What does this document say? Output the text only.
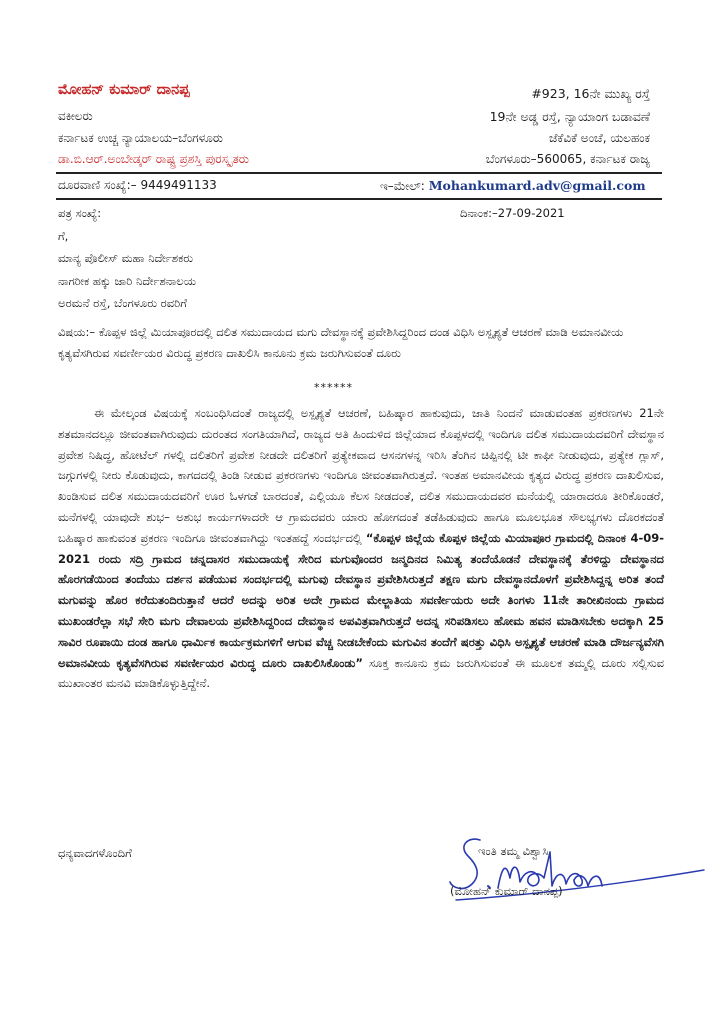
ಮೋಹನ್ ಕುಮಾರ್ ದಾನಪ್ಪ

ವಕೀಲರು

ಕರ್ನಾಟಕ ಉಚ್ಚ ನ್ಯಾಯಾಲಯ–ಬೆಂಗಳೂರು

ಡಾ.ಬಿ.ಆರ್.ಅಂಬೇಡ್ಕರ್ ರಾಷ್ಟ್ರ ಪ್ರಶಸ್ತಿ ಪುರಸ್ಕೃತರು

#923, 16ನೇ ಮುಖ್ಯ ರಸ್ತೆ

19ನೇ ಅಡ್ಡ ರಸ್ತೆ, ನ್ಯಾಯಾಂಗ ಬಡಾವಣೆ

ಜೆಕೆವಿಕೆ ಅಂಚೆ, ಯಲಹಂಕ

ಬೆಂಗಳೂರು–560065, ಕರ್ನಾಟಕ ರಾಜ್ಯ

ದೂರವಾಣಿ ಸಂಖ್ಯೆ:– 9449491133	ಇ–ಮೇಲ್: Mohankumard.adv@gmail.com

ಪತ್ರ ಸಂಖ್ಯೆ:	ದಿನಾಂಕ:–27-09-2021

ಗೆ,

ಮಾನ್ಯ ಪೊಲೀಸ್ ಮಹಾ ನಿರ್ದೇಶಕರು

ನಾಗರೀಕ ಹಕ್ಕು ಜಾರಿ ನಿರ್ದೇಶನಾಲಯ

ಅರಮನೆ ರಸ್ತೆ, ಬೆಂಗಳೂರು ರವರಿಗೆ

ವಿಷಯ:– ಕೊಪ್ಪಳ ಜಿಲ್ಲೆ ಮಿಯಾಪೂರದಲ್ಲಿ ದಲಿತ ಸಮುದಾಯದ ಮಗು ದೇವಸ್ಥಾನಕ್ಕೆ ಪ್ರವೇಶಿಸಿದ್ದರಿಂದ ದಂಡ ವಿಧಿಸಿ ಅಸ್ಪೃಶ್ಯತೆ ಆಚರಣೆ ಮಾಡಿ ಅಮಾನವೀಯ ಕೃತ್ಯವೆಸಗಿರುವ ಸವರ್ಣೀಯರ ವಿರುದ್ಧ ಪ್ರಕರಣ ದಾಖಲಿಸಿ ಕಾನೂನು ಕ್ರಮ ಜರುಗಿಸುವಂತೆ ದೂರು

******

ಈ ಮೇಲ್ಕಂಡ ವಿಷಯಕ್ಕೆ ಸಂಬಂಧಿಸಿದಂತೆ ರಾಜ್ಯದಲ್ಲಿ ಅಸ್ಪೃಶ್ಯತೆ ಆಚರಣೆ, ಬಹಿಷ್ಕಾರ ಹಾಕುವುದು, ಜಾತಿ ನಿಂದನೆ ಮಾಡುವಂತಹ ಪ್ರಕರಣಗಳು 21ನೇ ಶತಮಾನದಲ್ಲೂ ಜೀವಂತವಾಗಿರುವುದು ದುರಂತದ ಸಂಗತಿಯಾಗಿದೆ, ರಾಜ್ಯದ ಅತಿ ಹಿಂದುಳಿದ ಜಿಲ್ಲೆಯಾದ ಕೊಪ್ಪಳದಲ್ಲಿ ಇಂದಿಗೂ ದಲಿತ ಸಮುದಾಯದವರಿಗೆ ದೇವಸ್ಥಾನ ಪ್ರವೇಶ ನಿಷಿದ್ಧ, ಹೋಟೆಲ್ ಗಳಲ್ಲಿ ದಲಿತರಿಗೆ ಪ್ರವೇಶ ನೀಡದೇ ದಲಿತರಿಗೆ ಪ್ರತ್ಯೇಕವಾದ ಆಸನಗಳನ್ನ ಇರಿಸಿ ತೆಂಗಿನ ಚಿಪ್ಪಿನಲ್ಲಿ ಟೀ ಕಾಫೀ ನೀಡುವುದು, ಪ್ರತ್ಯೇಕ ಗ್ಲಾಸ್, ಜಗ್ಗುಗಳಲ್ಲಿ ನೀರು ಕೊಡುವುದು, ಕಾಗದದಲ್ಲಿ ತಿಂಡಿ ನೀಡುವ ಪ್ರಕರಣಗಳು ಇಂದಿಗೂ ಜೀವಂತವಾಗಿರುತ್ತದೆ. ಇಂತಹ ಅಮಾನವೀಯ ಕೃತ್ಯದ ವಿರುದ್ಧ ಪ್ರಕರಣ ದಾಖಲಿಸುವ, ಖಂಡಿಸುವ ದಲಿತ ಸಮುದಾಯದವರಿಗೆ ಊರ ಓಳಗಡೆ ಬಾರದಂತೆ, ಎಲ್ಲಿಯೂ ಕೆಲಸ ನೀಡದಂತೆ, ದಲಿತ ಸಮುದಾಯದವರ ಮನೆಯಲ್ಲಿ ಯಾರಾದರೂ ತೀರಿಕೊಂಡರೆ, ಮನೆಗಳಲ್ಲಿ ಯಾವುದೇ ಶುಭ– ಅಶುಭ ಕಾರ್ಯಗಳಾದರೇ ಆ ಗ್ರಾಮದವರು ಯಾರು ಹೋಗದಂತೆ ತಡೆಹಿಡುವುದು ಹಾಗೂ ಮೂಲಭೂತ ಸೌಲಭ್ಯಗಳು ದೊರಕದಂತೆ ಬಹಿಷ್ಕಾರ ಹಾಕುವಂತ ಪ್ರಕರಣ ಇಂದಿಗೂ ಜೀವಂತವಾಗಿದ್ದು ಇಂತಹದ್ದೆ ಸಂದರ್ಭದಲ್ಲಿ “ಕೊಪ್ಪಳ ಜಿಲ್ಲೆಯ ಕೊಪ್ಪಳ ಜಿಲ್ಲೆಯ ಮಿಯಾಪೂರ ಗ್ರಾಮದಲ್ಲಿ ದಿನಾಂಕ 4-09-2021 ರಂದು ಸದ್ರಿ ಗ್ರಾಮದ ಚನ್ನದಾಸರ ಸಮುದಾಯಕ್ಕೆ ಸೇರಿದ ಮಗುವೊಂದರ ಜನ್ಮದಿನದ ನಿಮಿತ್ಯ ತಂದೆಯೊಡನೆ ದೇವಸ್ಥಾನಕ್ಕೆ ತೆರಳಿದ್ದು ದೇವಸ್ಥಾನದ ಹೊರಗಡೆಯಿಂದ ತಂದೆಯು ದರ್ಶನ ಪಡೆಯುವ ಸಂದರ್ಭದಲ್ಲಿ ಮಗುವು ದೇವಸ್ಥಾನ ಪ್ರವೇಶಿಸಿರುತ್ತದೆ ತಕ್ಷಣ ಮಗು ದೇವಸ್ಥಾನದೊಳಗೆ ಪ್ರವೇಶಿಸಿದ್ದನ್ನ ಅರಿತ ತಂದೆ ಮಗುವನ್ನು ಹೊರ ಕರೆದುತಂದಿರುತ್ತಾನೆ ಆದರೆ ಅದನ್ನು ಅರಿತ ಅದೇ ಗ್ರಾಮದ ಮೇಲ್ಜಾತಿಯ ಸವರ್ಣೀಯರು ಅದೇ ತಿಂಗಳು 11ನೇ ತಾರೀಖಿನಂದು ಗ್ರಾಮದ ಮುಖಂಡರೆಲ್ಲಾ ಸಭೆ ಸೇರಿ ಮಗು ದೇವಾಲಯ ಪ್ರವೇಶಿಸಿದ್ದರಿಂದ ದೇವಸ್ಥಾನ ಅಪವಿತ್ರವಾಗಿರುತ್ತದೆ ಅದನ್ನ ಸರಿಪಡಿಸಲು ಹೋಮ ಹವನ ಮಾಡಿಸಬೇಕು ಅದಕ್ಕಾಗಿ 25 ಸಾವಿರ ರೂಪಾಯಿ ದಂಡ ಹಾಗೂ ಧಾರ್ಮಿಕ ಕಾರ್ಯಕ್ರಮಗಳಿಗೆ ಆಗುವ ವೆಚ್ಚ ನೀಡಬೇಕೆಂದು ಮಗುವಿನ ತಂದೆಗೆ ಷರತ್ತು ವಿಧಿಸಿ ಅಸ್ಪೃಶ್ಯತೆ ಆಚರಣೆ ಮಾಡಿ ದೌರ್ಜನ್ಯವೆಸಗಿ ಅಮಾನವೀಯ ಕೃತ್ಯವೆಸಗಿರುವ ಸವರ್ಣೀಯರ ವಿರುದ್ಧ ದೂರು ದಾಖಲಿಸಿಕೊಂಡು” ಸೂಕ್ತ ಕಾನೂನು ಕ್ರಮ ಜರುಗಿಸುವಂತೆ ಈ ಮೂಲಕ ತಮ್ಮಲ್ಲಿ ದೂರು ಸಲ್ಲಿಸುವ ಮುಖಾಂತರ ಮನವಿ ಮಾಡಿಕೊಳ್ಳುತ್ತಿದ್ದೇನೆ.

ಧನ್ಯವಾದಗಳೊಂದಿಗೆ	ಇಂತಿ ತಮ್ಮ ವಿಶ್ವಾಸಿ

(ಮೋಹನ್ ಕುಮಾರ್ ದಾನಪ್ಪ)
